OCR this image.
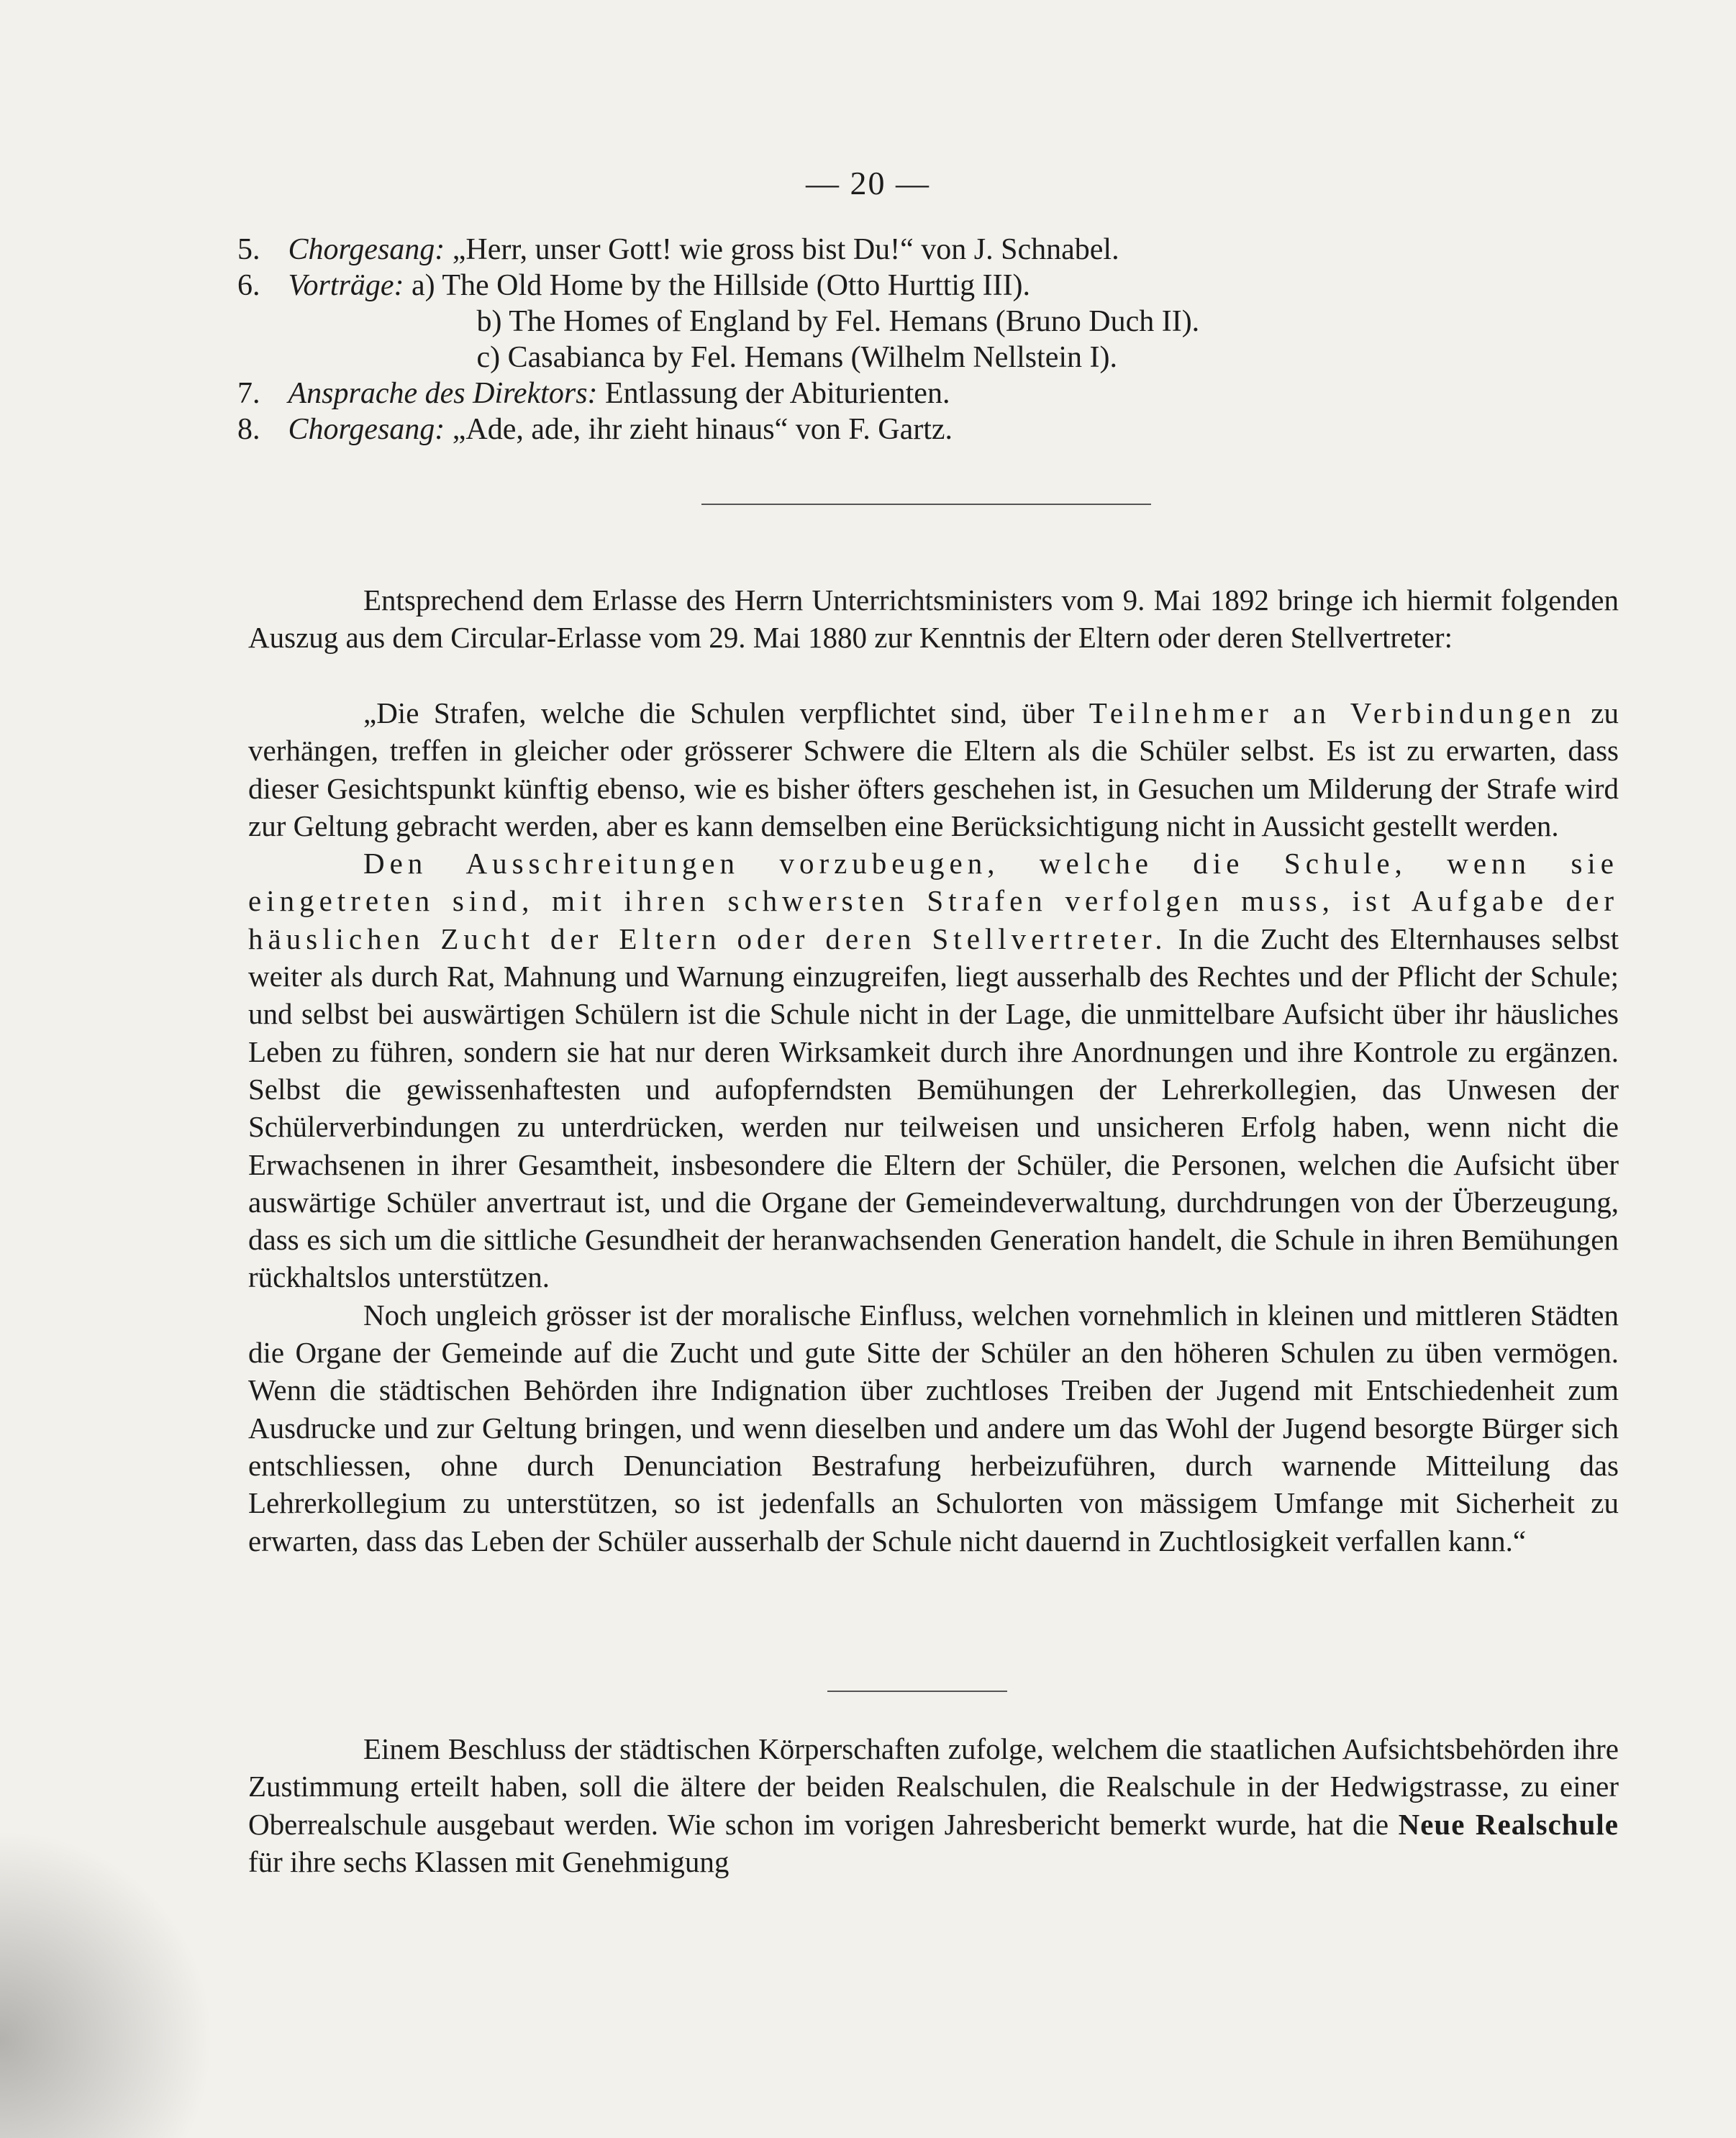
— 20 —
5. Chorgesang: „Herr, unser Gott! wie gross bist Du!“ von J. Schnabel.
6. Vorträge: a) The Old Home by the Hillside (Otto Hurttig III).
b) The Homes of England by Fel. Hemans (Bruno Duch II).
c) Casabianca by Fel. Hemans (Wilhelm Nellstein I).
7. Ansprache des Direktors: Entlassung der Abiturienten.
8. Chorgesang: „Ade, ade, ihr zieht hinaus“ von F. Gartz.

Entsprechend dem Erlasse des Herrn Unterrichtsministers vom 9. Mai 1892 bringe ich hiermit folgenden Auszug aus dem Circular-Erlasse vom 29. Mai 1880 zur Kenntnis der Eltern oder deren Stellvertreter:

„Die Strafen, welche die Schulen verpflichtet sind, über Teilnehmer an Verbindungen zu verhängen, treffen in gleicher oder grösserer Schwere die Eltern als die Schüler selbst. Es ist zu erwarten, dass dieser Gesichtspunkt künftig ebenso, wie es bisher öfters geschehen ist, in Gesuchen um Milderung der Strafe wird zur Geltung gebracht werden, aber es kann demselben eine Berücksichtigung nicht in Aussicht gestellt werden.

Den Ausschreitungen vorzubeugen, welche die Schule, wenn sie eingetreten sind, mit ihren schwersten Strafen verfolgen muss, ist Aufgabe der häuslichen Zucht der Eltern oder deren Stellvertreter. In die Zucht des Elternhauses selbst weiter als durch Rat, Mahnung und Warnung einzugreifen, liegt ausserhalb des Rechtes und der Pflicht der Schule; und selbst bei auswärtigen Schülern ist die Schule nicht in der Lage, die unmittelbare Aufsicht über ihr häusliches Leben zu führen, sondern sie hat nur deren Wirksamkeit durch ihre Anordnungen und ihre Kontrole zu ergänzen. Selbst die gewissenhaftesten und aufopferndsten Bemühungen der Lehrerkollegien, das Unwesen der Schülerverbindungen zu unterdrücken, werden nur teilweisen und unsicheren Erfolg haben, wenn nicht die Erwachsenen in ihrer Gesamtheit, insbesondere die Eltern der Schüler, die Personen, welchen die Aufsicht über auswärtige Schüler anvertraut ist, und die Organe der Gemeindeverwaltung, durchdrungen von der Überzeugung, dass es sich um die sittliche Gesundheit der heranwachsenden Generation handelt, die Schule in ihren Bemühungen rückhaltslos unterstützen.

Noch ungleich grösser ist der moralische Einfluss, welchen vornehmlich in kleinen und mittleren Städten die Organe der Gemeinde auf die Zucht und gute Sitte der Schüler an den höheren Schulen zu üben vermögen. Wenn die städtischen Behörden ihre Indignation über zuchtloses Treiben der Jugend mit Entschiedenheit zum Ausdrucke und zur Geltung bringen, und wenn dieselben und andere um das Wohl der Jugend besorgte Bürger sich entschliessen, ohne durch Denunciation Bestrafung herbeizuführen, durch warnende Mitteilung das Lehrerkollegium zu unterstützen, so ist jedenfalls an Schulorten von mässigem Umfange mit Sicherheit zu erwarten, dass das Leben der Schüler ausserhalb der Schule nicht dauernd in Zuchtlosigkeit verfallen kann.“

Einem Beschluss der städtischen Körperschaften zufolge, welchem die staatlichen Aufsichtsbehörden ihre Zustimmung erteilt haben, soll die ältere der beiden Realschulen, die Realschule in der Hedwigstrasse, zu einer Oberrealschule ausgebaut werden. Wie schon im vorigen Jahresbericht bemerkt wurde, hat die Neue Realschule für ihre sechs Klassen mit Genehmigung
